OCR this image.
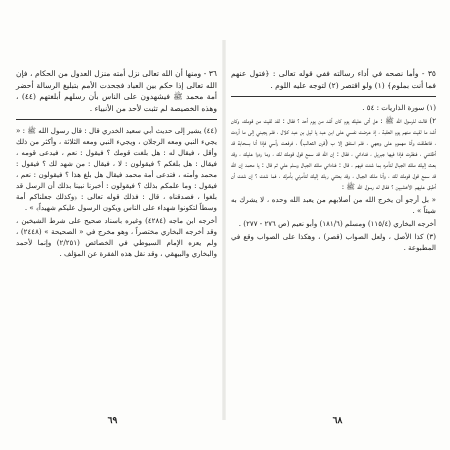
٣٥ - وأما نصحه في أداء رسالته ففي قوله تعالى : ﴿فتول عنهم فما أنت بملوم﴾ (١) ولو اقتصر (٢) لتوجه عليه اللوم .

(١) سورة الذاريات : ٥٤ .

٢) قالت للرسول الله ﷺ : هل أتى عليك يوم كان أشد من يوم أحد ؟ فقال : لقد لقيت من قومك، وكان أشد ما لقيت منهم يوم العقبة ، إذ عرضت نفسي على ابن عبد يا ليل بن عبد كلال ، فلم يجبني إلى ما أردت ، فانطلقت وأنا مهموم على وجهي ، فلم استفق إلا ب (قرن الثعالب) ، فرفعت رأسي فإذا أنا بسحابة قد أظلتني ، فنظرت فإذا فيها جبريل ، فناداني ، فقال : إن الله قد سمع قول قومك لك ، وما ردوا عليك ، وقد بعث إليك ملك الجبال لتأمره بما شئت فيهم ، قال : فناداني ملك الجبال وسلم علي ثم قال : يا محمد إن الله قد سمع قول قومك لك ، وأنا ملك الجبال ، وقد بعثني ربك إليك لتأمرني بأمرك ، فما شئت ؟ إن شئت أن أطبق عليهم الأخشبين ؟ فقال له رسول الله ﷺ :

« بل أرجو أن يخرج الله من أصلابهم من يعبد الله وحده ، لا يشرك به شيئاً » .

أخرجه البخاري (١١٥/٤) ومسلم (١٨١/٦) وأبو نعيم (ص ٢٧٦ - ٢٧٧) .

(٣) كذا الأصل ، ولعل الصواب (قصر) ، وهكذا على الصواب وقع في المطبوعة .

٦٨

٣٦ - ومنها أن الله تعالى نزل أمته منزل العدول من الحكام ، فإن الله تعالى إذا حكم بين العباد فجحدت الأمم بتبليغ الرسالة أحضر أمة محمد ﷺ فيشهدون على الناس بأن رسلهم أبلغتهم (٤٤) ، وهذه الخصيصة لم تثبت لأحد من الأنبياء .

(٤٤) يشير إلى حديث أبي سعيد الخدري قال : قال رسول الله ﷺ : « يجيء النبي ومعه الرجلان ، ويجيء النبي ومعه الثلاثة ، وأكثر من ذلك وأقل ، فيقال له : هل بلغت قومك ؟ فيقول : نعم ، فيدعى قومه ، فيقال : هل بلغكم ؟ فيقولون : لا ، فيقال : من شهد لك ؟ فيقول : محمد وأمته ، فتدعى أمة محمد فيقال هل بلغ هذا ؟ فيقولون : نعم ، فيقول : وما علمكم بذلك ؟ فيقولون : أخبرنا نبينا بذلك أن الرسل قد بلغوا ، فصدقناه ، قال : فذلك قوله تعالى : ﴿وكذلك جعلناكم أمة وسطاً لتكونوا شهداء على الناس ويكون الرسول عليكم شهيداً﴾ » .

أخرجه ابن ماجه (٤٢٨٤) وغيره باسناد صحيح على شرط الشيخين ، وقد أخرجه البخاري مختصراً ، وهو مخرج في « الصحيحة » (٢٤٤٨) ، ولم يعزه الإمام السيوطي في الخصائص (٢/٢٥١) وإنما لأحمد والبخاري والبيهقي ، وقد نقل هذه الفقرة عن المؤلف .

٦٩
